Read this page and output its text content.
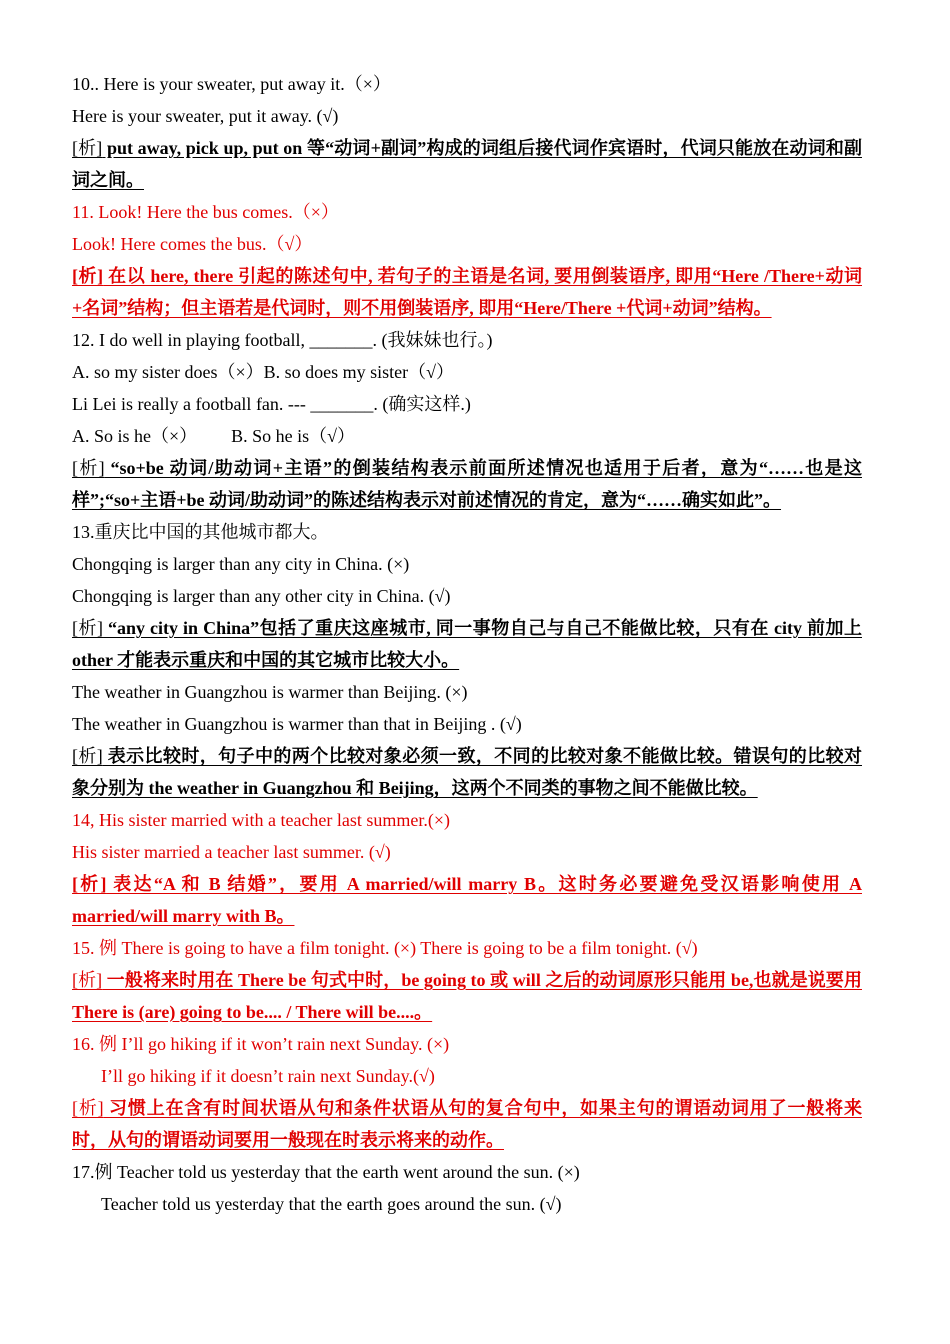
10.. Here is your sweater, put away it.（×）
Here is your sweater, put it away. (√)
[析] put away, pick up, put on 等“动词+副词”构成的词组后接代词作宾语时，代词只能放在动词和副词之间。
11. Look! Here the bus comes.（×）
Look! Here comes the bus.（√）
[析] 在以 here, there 引起的陈述句中, 若句子的主语是名词, 要用倒装语序, 即用“Here /There+动词+名词”结构；但主语若是代词时，则不用倒装语序, 即用“Here/There +代词+动词”结构。
12. I do well in playing football, _______. (我妹妹也行。)
A. so my sister does（×）B. so does my sister（√）
Li Lei is really a football fan. --- _______. (确实这样.)
A. So is he（×） B. So he is（√）
[析] “so+be 动词/助动词+主语”的倒装结构表示前面所述情况也适用于后者，意为“……也是这样”;“so+主语+be 动词/助动词”的陈述结构表示对前述情况的肯定，意为“……确实如此”。
13.重庆比中国的其他城市都大。
Chongqing is larger than any city in China. (×)
Chongqing is larger than any other city in China. (√)
[析] “any city in China”包括了重庆这座城市, 同一事物自己与自己不能做比较，只有在 city 前加上 other 才能表示重庆和中国的其它城市比较大小。
The weather in Guangzhou is warmer than Beijing. (×)
The weather in Guangzhou is warmer than that in Beijing . (√)
[析] 表示比较时，句子中的两个比较对象必须一致，不同的比较对象不能做比较。错误句的比较对象分别为 the weather in Guangzhou 和 Beijing，这两个不同类的事物之间不能做比较。
14, His sister married with a teacher last summer.(×)
His sister married a teacher last summer. (√)
[析] 表达“A 和 B 结婚”，要用 A married/will marry B。这时务必要避免受汉语影响使用 A married/will marry with B。
15. 例 There is going to have a film tonight. (×) There is going to be a film tonight. (√)
[析] 一般将来时用在 There be 句式中时，be going to 或 will 之后的动词原形只能用 be,也就是说要用 There is (are) going to be.... / There will be....。
16. 例 I’ll go hiking if it won’t rain next Sunday. (×)
I’ll go hiking if it doesn’t rain next Sunday.(√)
[析] 习惯上在含有时间状语从句和条件状语从句的复合句中，如果主句的谓语动词用了一般将来时，从句的谓语动词要用一般现在时表示将来的动作。
17.例 Teacher told us yesterday that the earth went around the sun. (×)
Teacher told us yesterday that the earth goes around the sun. (√)
